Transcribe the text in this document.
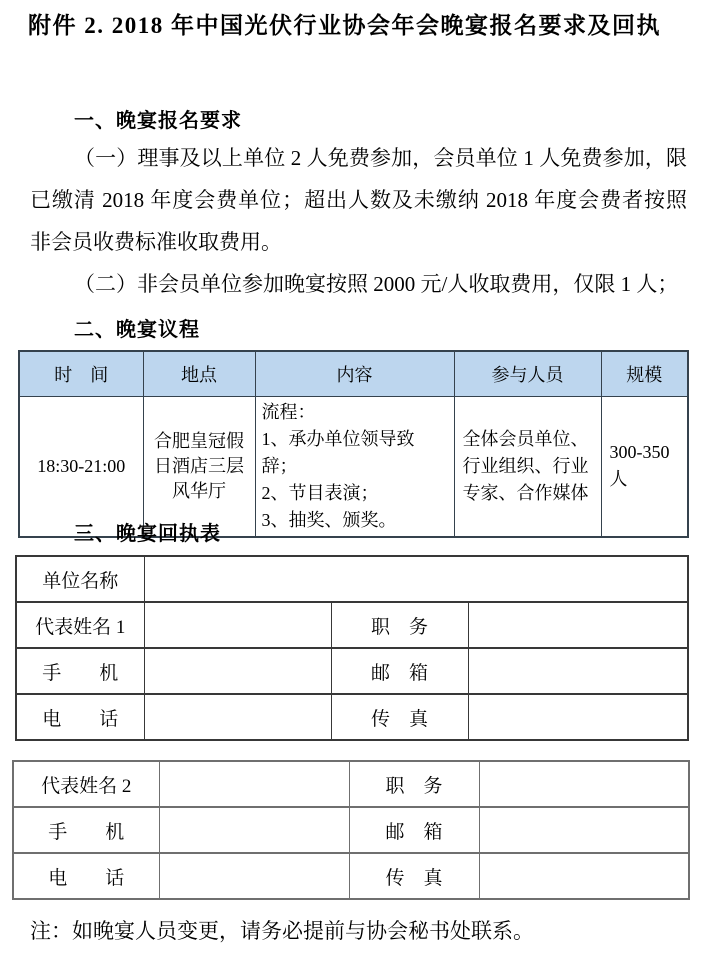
附件 2. 2018 年中国光伏行业协会年会晚宴报名要求及回执
一、晚宴报名要求
（一）理事及以上单位 2 人免费参加，会员单位 1 人免费参加，限
已缴清 2018 年度会费单位；超出人数及未缴纳 2018 年度会费者按照
非会员收费标准收取费用。
（二）非会员单位参加晚宴按照 2000 元/人收取费用，仅限 1 人；
二、晚宴议程
时　间	地点	内容	参与人员	规模
18:30-21:00	合肥皇冠假日酒店三层风华厅	流程：
1、承办单位领导致辞；
2、节目表演；
3、抽奖、颁奖。	全体会员单位、行业组织、行业专家、合作媒体	300-350 人
三、晚宴回执表
单位名称			
代表姓名 1		职　务	
手　　机		邮　箱	
电　　话		传　真	
代表姓名 2		职　务	
手　　机		邮　箱	
电　　话		传　真	
注：如晚宴人员变更，请务必提前与协会秘书处联系。
